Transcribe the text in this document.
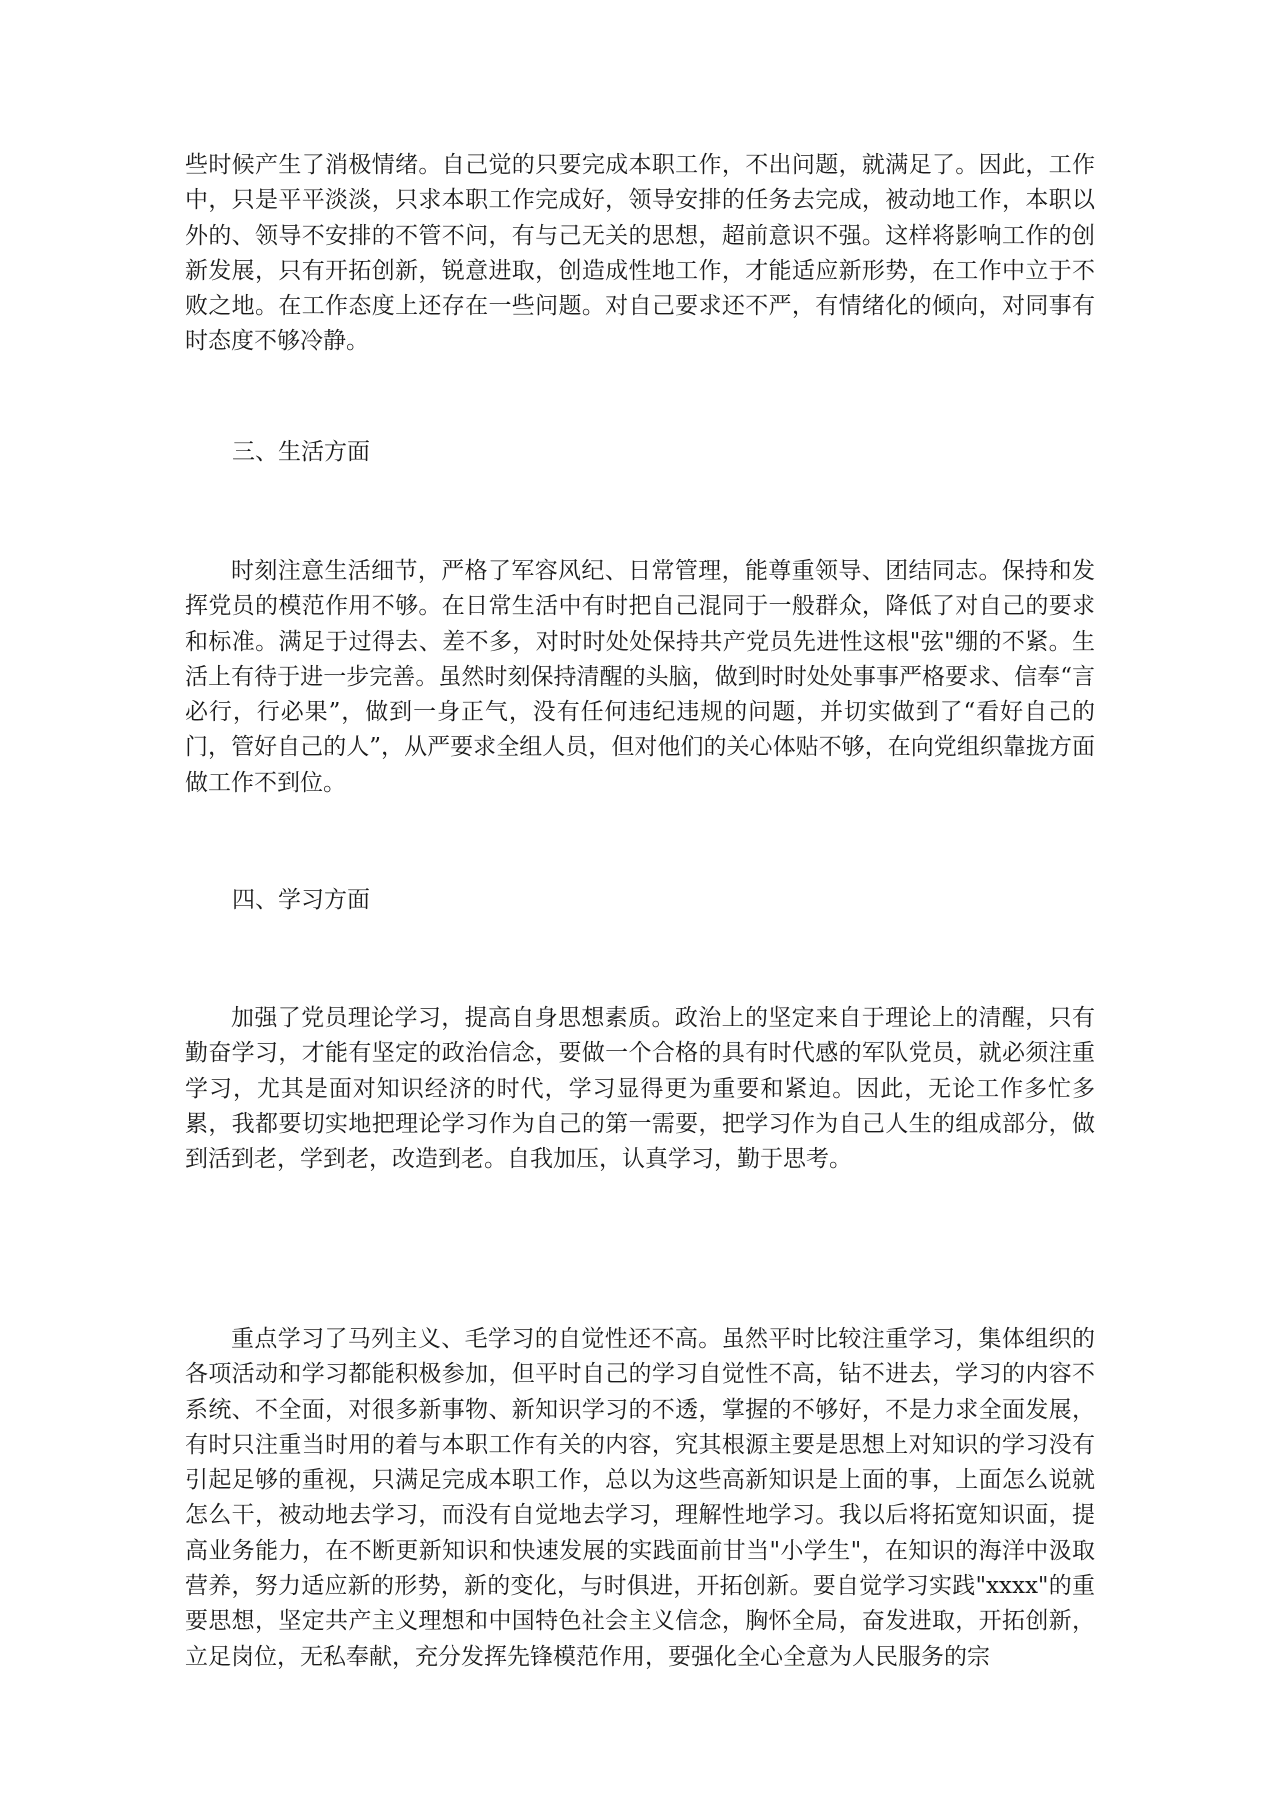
些时候产生了消极情绪。自己觉的只要完成本职工作，不出问题，就满足了。因此，工作中，只是平平淡淡，只求本职工作完成好，领导安排的任务去完成，被动地工作，本职以外的、领导不安排的不管不问，有与己无关的思想，超前意识不强。这样将影响工作的创新发展，只有开拓创新，锐意进取，创造成性地工作，才能适应新形势，在工作中立于不败之地。在工作态度上还存在一些问题。对自己要求还不严，有情绪化的倾向，对同事有时态度不够冷静。

三、生活方面

时刻注意生活细节，严格了军容风纪、日常管理，能尊重领导、团结同志。保持和发挥党员的模范作用不够。在日常生活中有时把自己混同于一般群众，降低了对自己的要求和标准。满足于过得去、差不多，对时时处处保持共产党员先进性这根"弦"绷的不紧。生活上有待于进一步完善。虽然时刻保持清醒的头脑，做到时时处处事事严格要求、信奉“言必行，行必果”，做到一身正气，没有任何违纪违规的问题，并切实做到了“看好自己的门，管好自己的人”，从严要求全组人员，但对他们的关心体贴不够，在向党组织靠拢方面做工作不到位。

四、学习方面

加强了党员理论学习，提高自身思想素质。政治上的坚定来自于理论上的清醒，只有勤奋学习，才能有坚定的政治信念，要做一个合格的具有时代感的军队党员，就必须注重学习，尤其是面对知识经济的时代，学习显得更为重要和紧迫。因此，无论工作多忙多累，我都要切实地把理论学习作为自己的第一需要，把学习作为自己人生的组成部分，做到活到老，学到老，改造到老。自我加压，认真学习，勤于思考。

重点学习了马列主义、毛学习的自觉性还不高。虽然平时比较注重学习，集体组织的各项活动和学习都能积极参加，但平时自己的学习自觉性不高，钻不进去，学习的内容不系统、不全面，对很多新事物、新知识学习的不透，掌握的不够好，不是力求全面发展，有时只注重当时用的着与本职工作有关的内容，究其根源主要是思想上对知识的学习没有引起足够的重视，只满足完成本职工作，总以为这些高新知识是上面的事，上面怎么说就怎么干，被动地去学习，而没有自觉地去学习，理解性地学习。我以后将拓宽知识面，提高业务能力，在不断更新知识和快速发展的实践面前甘当"小学生"，在知识的海洋中汲取营养，努力适应新的形势，新的变化，与时俱进，开拓创新。要自觉学习实践"xxxx"的重要思想，坚定共产主义理想和中国特色社会主义信念，胸怀全局，奋发进取，开拓创新，立足岗位，无私奉献，充分发挥先锋模范作用，要强化全心全意为人民服务的宗
